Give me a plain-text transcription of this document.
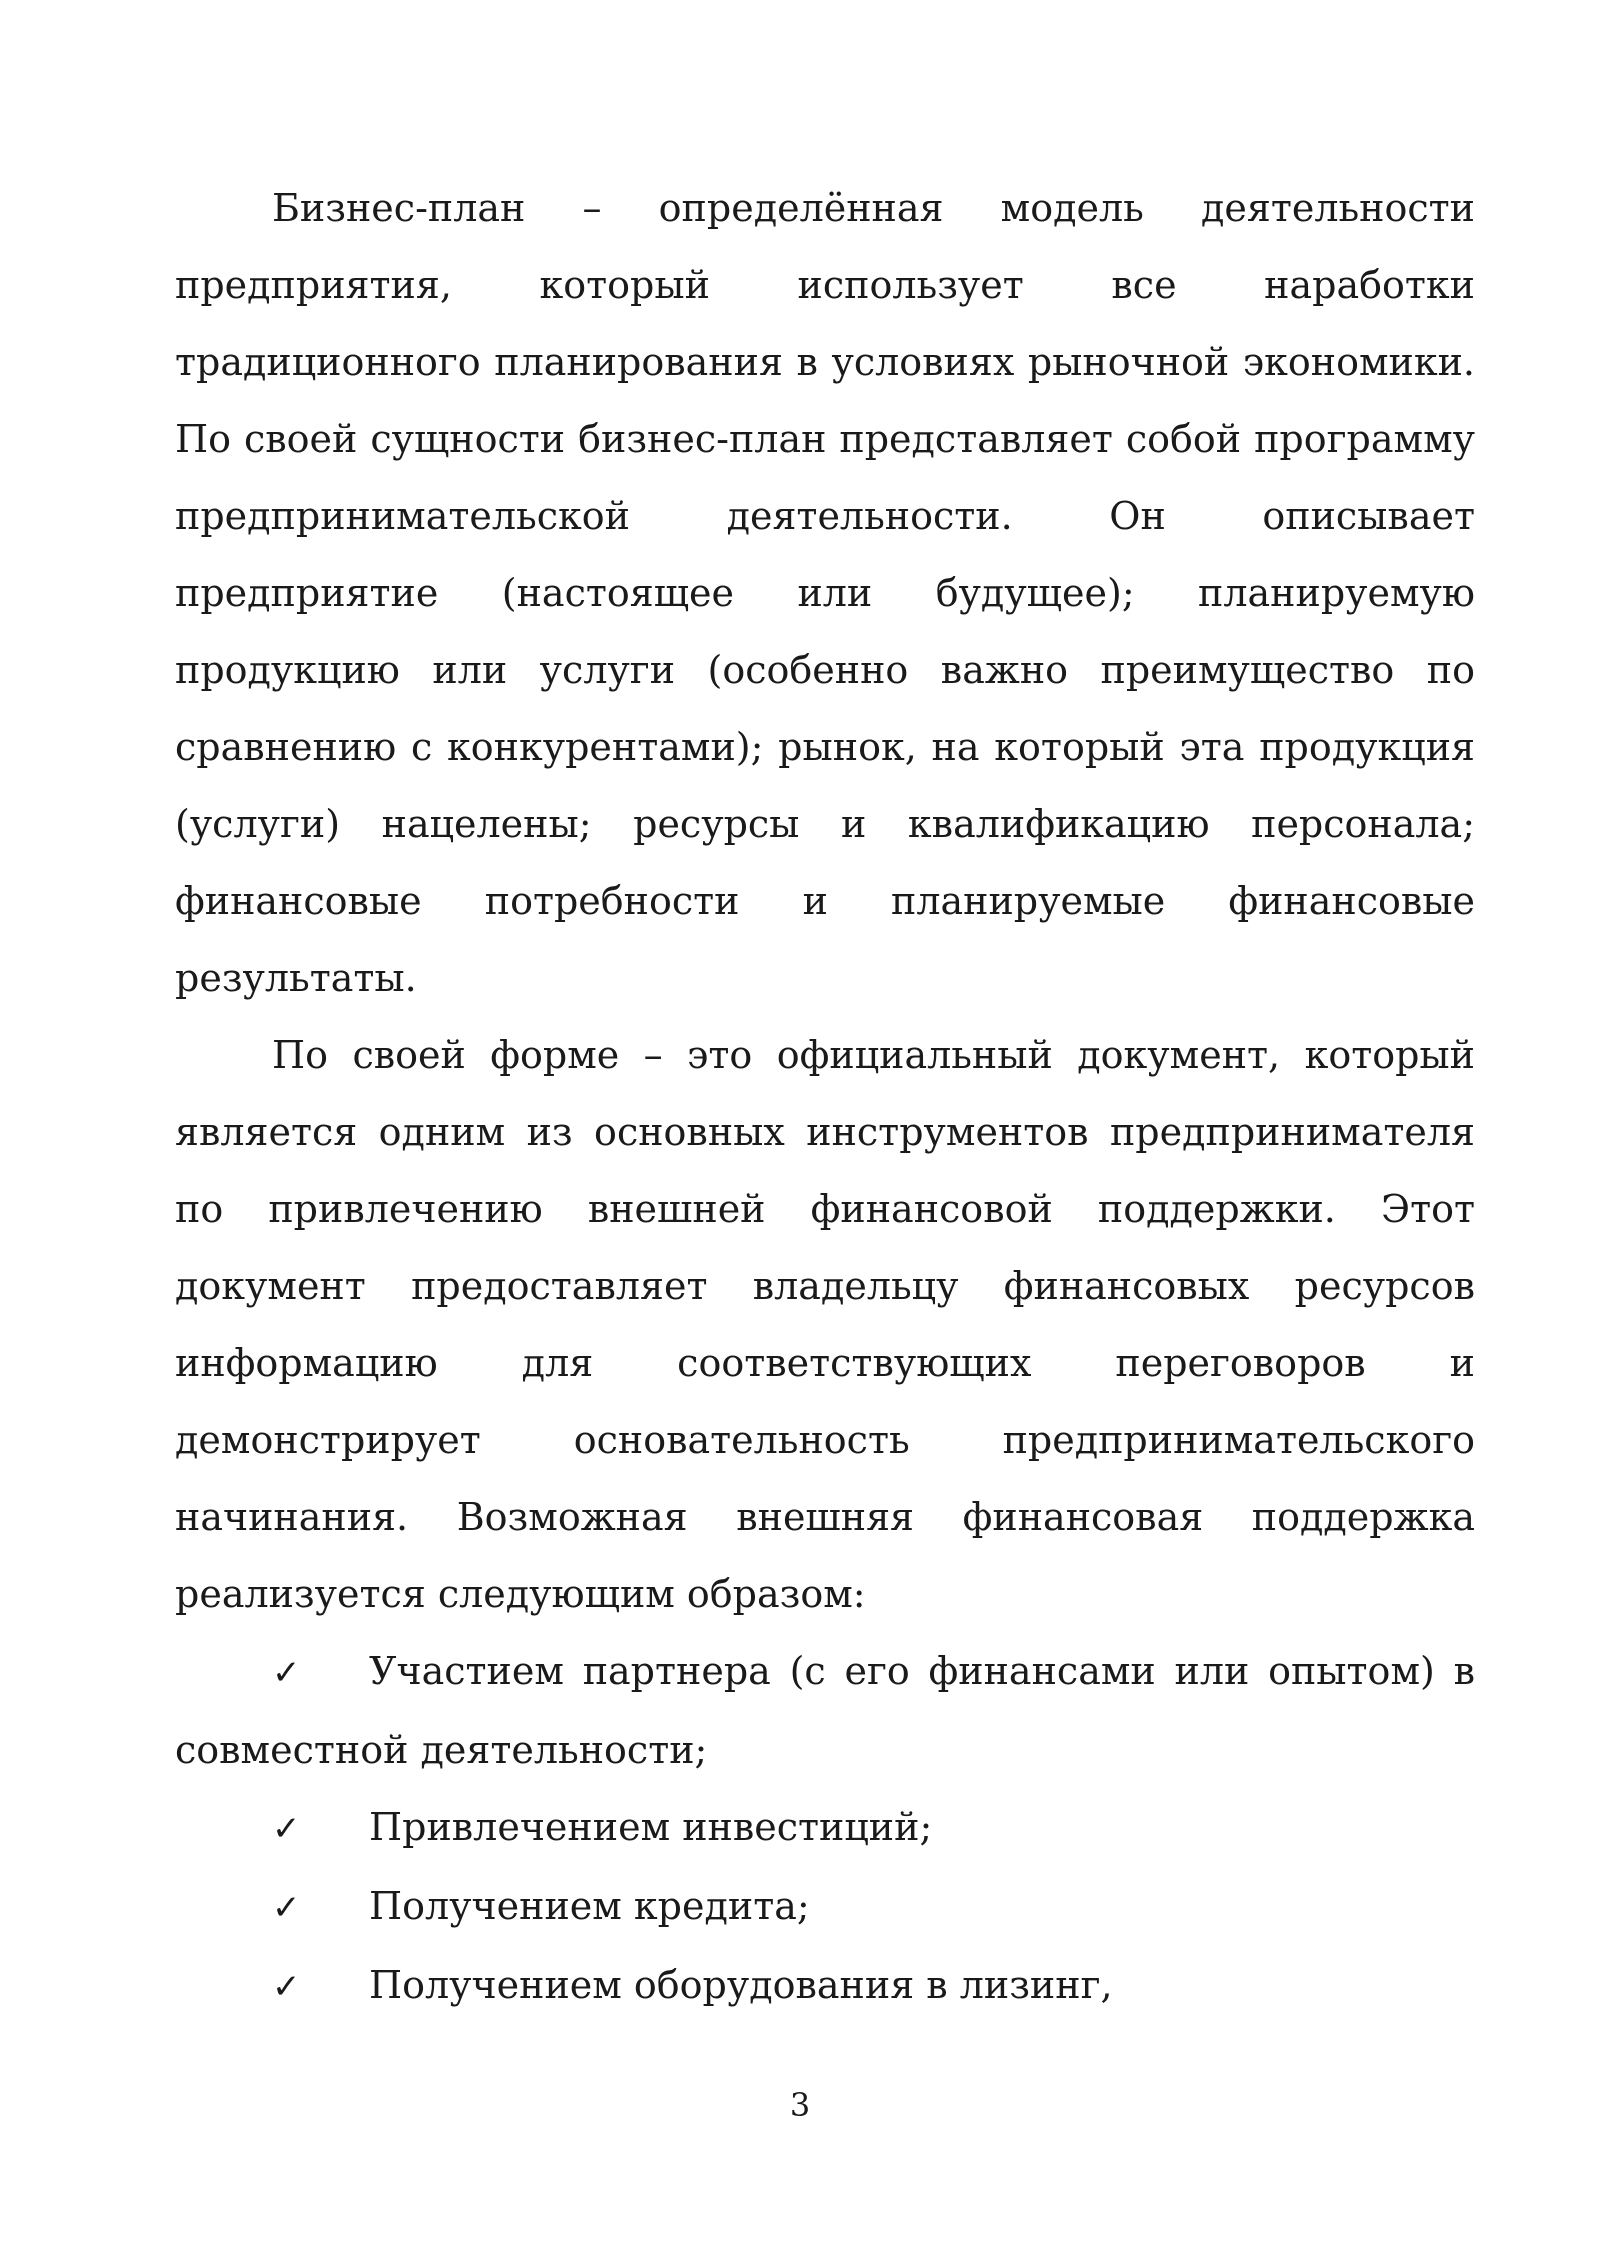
Бизнес-план – определённая модель деятельности предприятия, который использует все наработки традиционного планирования в условиях рыночной экономики. По своей сущности бизнес-план представляет собой программу предпринимательской деятельности. Он описывает предприятие (настоящее или будущее); планируемую продукцию или услуги (особенно важно преимущество по сравнению с конкурентами); рынок, на который эта продукция (услуги) нацелены; ресурсы и квалификацию персонала; финансовые потребности и планируемые финансовые результаты.

По своей форме – это официальный документ, который является одним из основных инструментов предпринимателя по привлечению внешней финансовой поддержки. Этот документ предоставляет владельцу финансовых ресурсов информацию для соответствующих переговоров и демонстрирует основательность предпринимательского начинания. Возможная внешняя финансовая поддержка реализуется следующим образом:

✓ Участием партнера (с его финансами или опытом) в совместной деятельности;
✓ Привлечением инвестиций;
✓ Получением кредита;
✓ Получением оборудования в лизинг,
3
